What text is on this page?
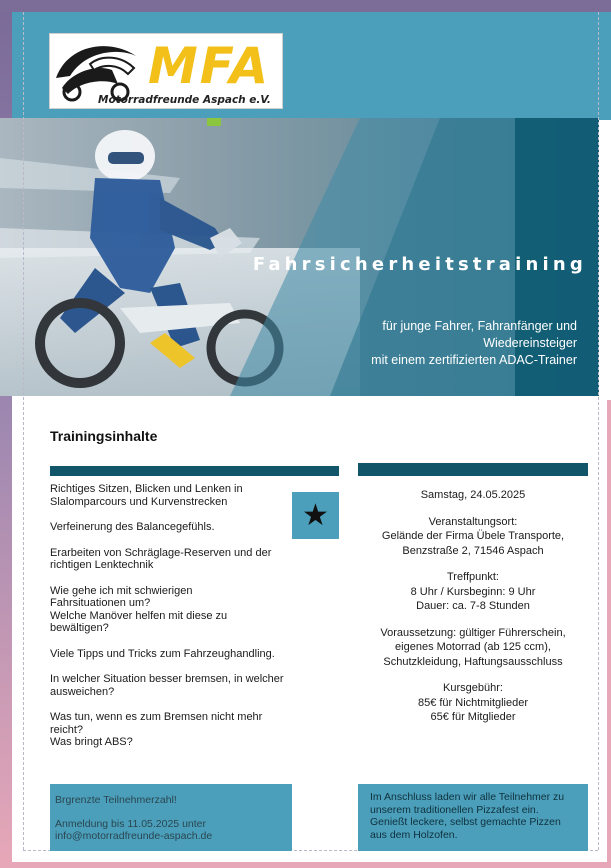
Fahrsicherheitstraining
für junge Fahrer, Fahranfänger und
Wiedereinsteiger
mit einem zertifizierten ADAC-Trainer
MFA
Motorradfreunde Aspach e.V.
Trainingsinhalte

Richtiges Sitzen, Blicken und Lenken in
Slalomparcours und Kurvenstrecken

Verfeinerung des Balancegefühls.

Erarbeiten von Schräglage-Reserven und der
richtigen Lenktechnik

Wie gehe ich mit schwierigen
Fahrsituationen um?
Welche Manöver helfen mit diese zu
bewältigen?

Viele Tipps und Tricks zum Fahrzeughandling.

In welcher Situation besser bremsen, in welcher
ausweichen?

Was tun, wenn es zum Bremsen nicht mehr
reicht?
Was bringt ABS?

★
Samstag, 24.05.2025
Veranstaltungsort:
Gelände der Firma Übele Transporte,
Benzstraße 2, 71546 Aspach
Treffpunkt:
8 Uhr / Kursbeginn: 9 Uhr
Dauer: ca. 7-8 Stunden
Voraussetzung: gültiger Führerschein,
eigenes Motorrad (ab 125 ccm),
Schutzkleidung, Haftungsausschluss
Kursgebühr:
85€ für Nichtmitglieder
65€ für Mitglieder
Brgrenzte Teilnehmerzahl!
Anmeldung bis 11.05.2025 unter
info@motorradfreunde-aspach.de
Im Anschluss laden wir alle Teilnehmer zu
unserem traditionellen Pizzafest ein.
Genießt leckere, selbst gemachte Pizzen
aus dem Holzofen.
